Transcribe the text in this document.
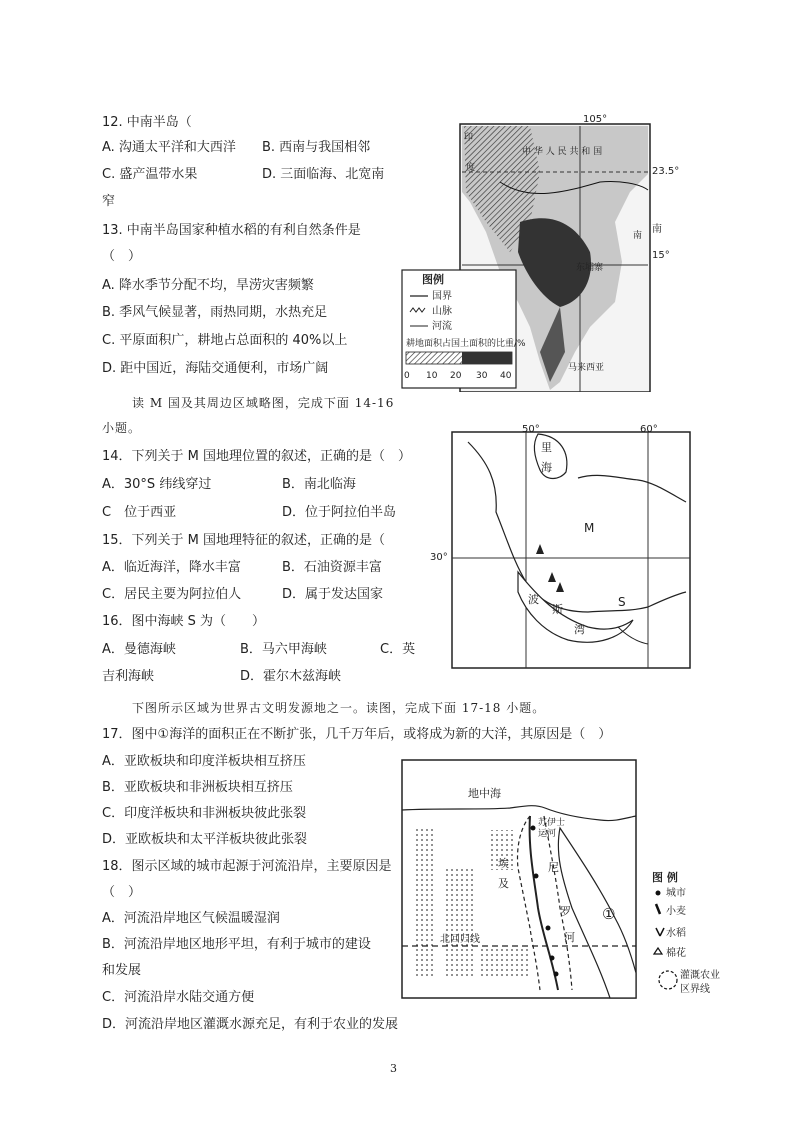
12. 中南半岛（
A. 沟通太平洋和大西洋 B. 西南与我国相邻
C. 盛产温带水果	D. 三面临海、北宽南
窄
13. 中南半岛国家种植水稻的有利自然条件是
（　）
A. 降水季节分配不均，旱涝灾害频繁
B. 季风气候显著，雨热同期，水热充足
C. 平原面积广，耕地占总面积的 40%以上
D. 距中国近，海陆交通便利，市场广阔
105°
23.5°
15°
南
中 华 人 民 共 和 国
印
度
南
东埔寨
马来西亚
图例
国界
山脉
河流
耕地面积占国土面积的比重/%
0 10 20 30 40
读 M 国及其周边区域略图，完成下面 14-16
小题。
14．下列关于 M 国地理位置的叙述，正确的是（　）
A．30°S 纬线穿过	B．南北临海
C　位于西亚	D．位于阿拉伯半岛
15．下列关于 M 国地理特征的叙述，正确的是（
A．临近海洋，降水丰富	B．石油资源丰富
C．居民主要为阿拉伯人	D．属于发达国家
16．图中海峡 S 为（　　）
A．曼德海峡	B．马六甲海峡	C．英
吉利海峡	D．霍尔木兹海峡
50°	60°
30°
里
海
M
波
斯
湾
S
下图所示区域为世界古文明发源地之一。读图，完成下面 17-18 小题。
17．图中①海洋的面积正在不断扩张，几千万年后，或将成为新的大洋，其原因是（　）
A．亚欧板块和印度洋板块相互挤压
B．亚欧板块和非洲板块相互挤压
C．印度洋板块和非洲板块彼此张裂
D．亚欧板块和太平洋板块彼此张裂
18．图示区域的城市起源于河流沿岸，主要原因是
（　）
A．河流沿岸地区气候温暖湿润
B．河流沿岸地区地形平坦，有利于城市的建设
和发展
C．河流沿岸水陆交通方便
D．河流沿岸地区灌溉水源充足，有利于农业的发展
地中海
苏伊士运河
埃
及
尼
罗
河
①
北回归线
图 例
城市
小麦
水稻
棉花
灌溉农业
区界线
3
